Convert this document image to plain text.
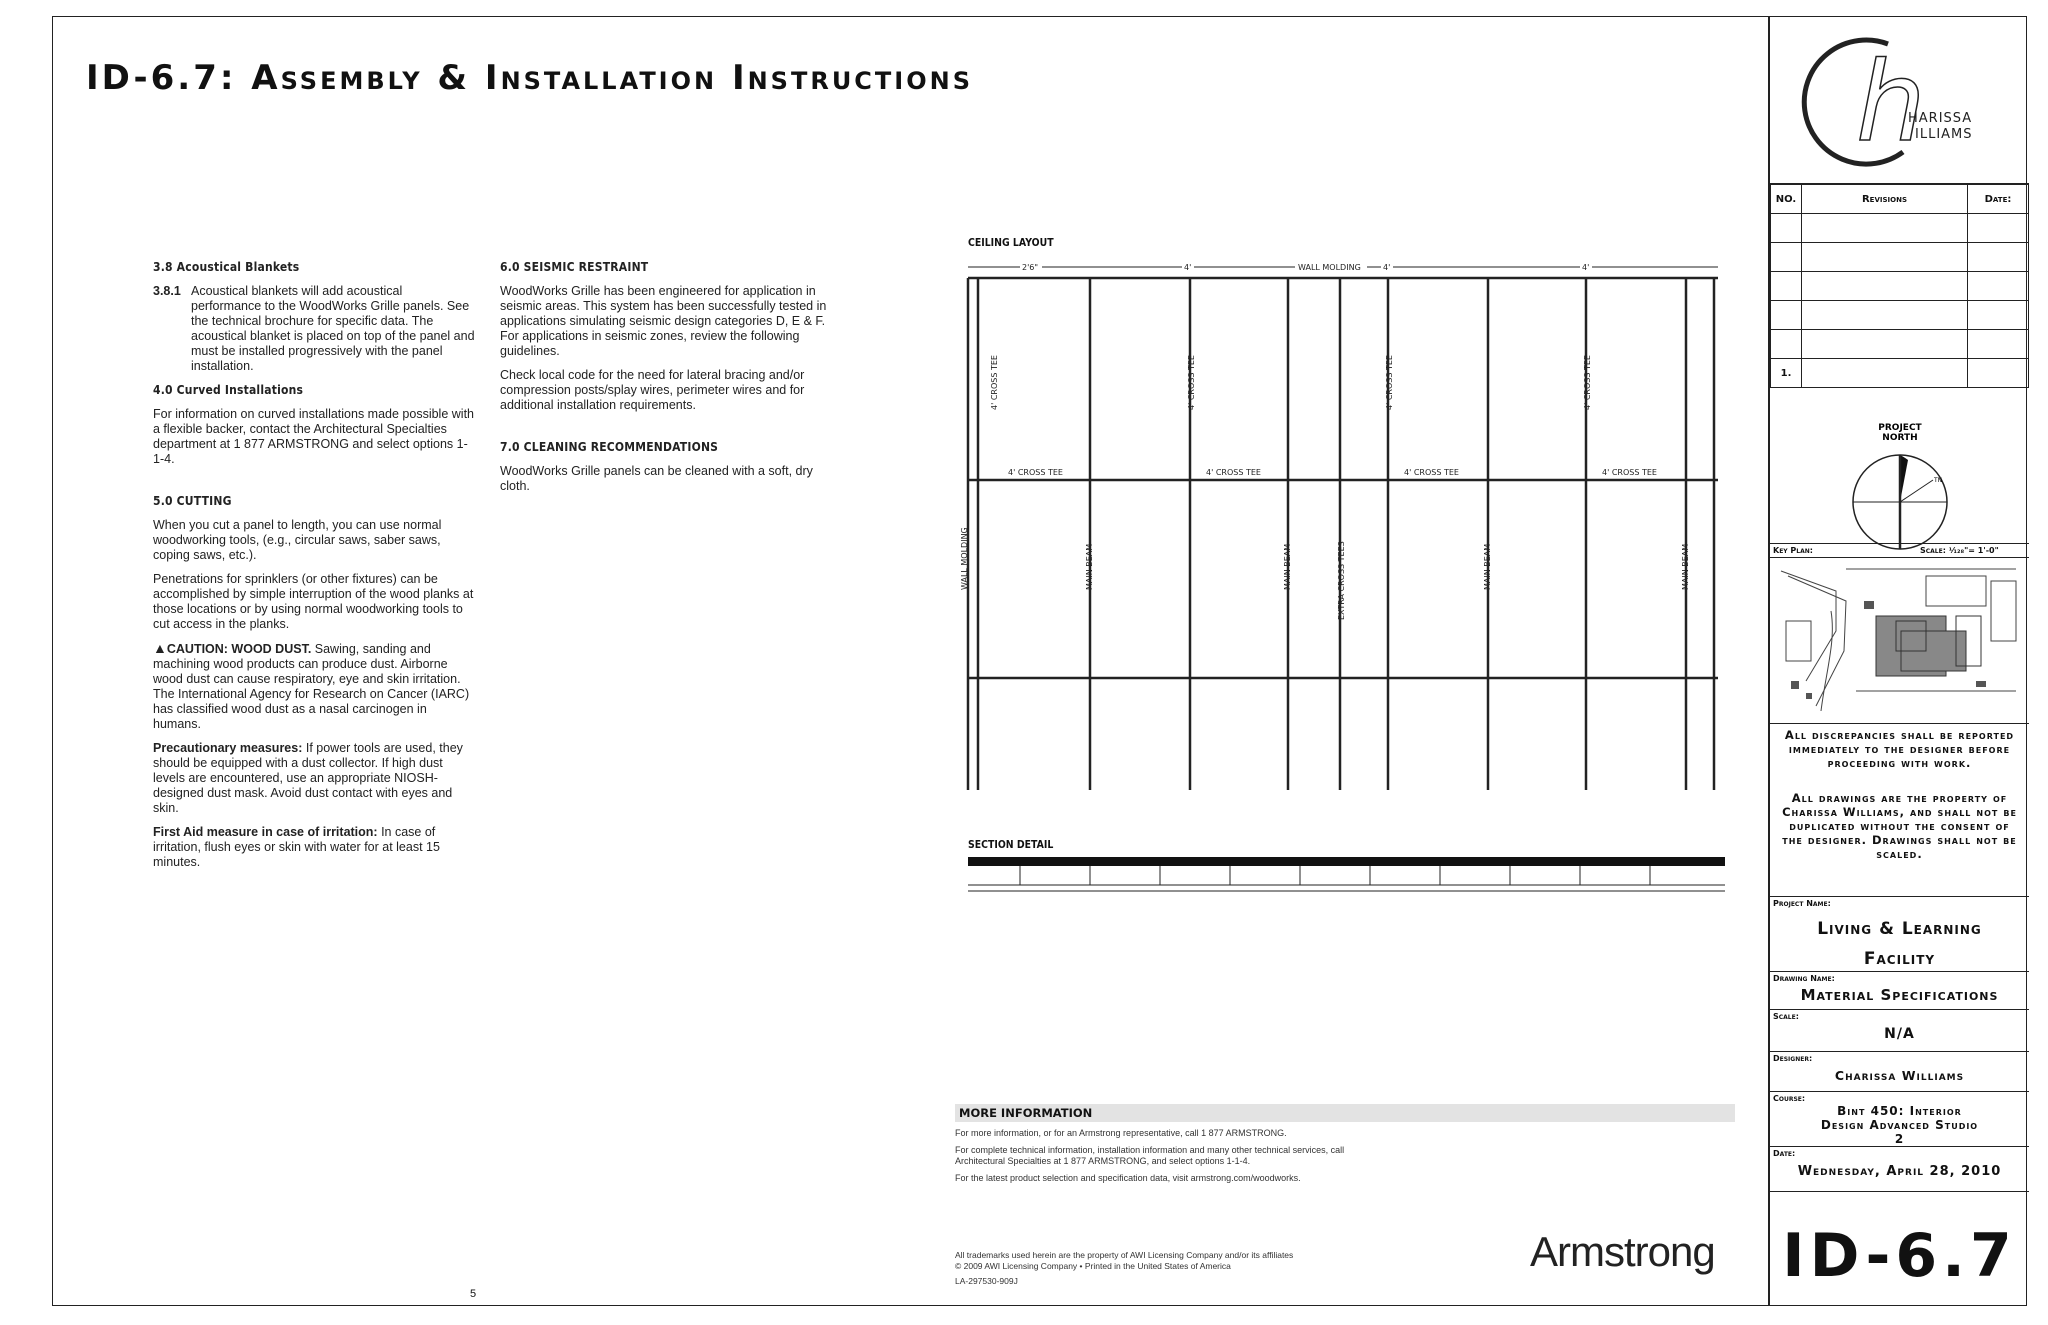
ID-6.7: Assembly & Installation Instructions
3.8 Acoustical Blankets
3.8.1 Acoustical blankets will add acoustical performance to the WoodWorks Grille panels. See the technical brochure for specific data. The acoustical blanket is placed on top of the panel and must be installed progressively with the panel installation.
4.0 Curved Installations

For information on curved installations made possible with a flexible backer, contact the Architectural Specialties department at 1 877 ARMSTRONG and select options 1-1-4.

5.0 CUTTING

When you cut a panel to length, you can use normal woodworking tools, (e.g., circular saws, saber saws, coping saws, etc.).

Penetrations for sprinklers (or other fixtures) can be accomplished by simple interruption of the wood planks at those locations or by using normal woodworking tools to cut access in the planks.

▲CAUTION: WOOD DUST. Sawing, sanding and machining wood products can produce dust. Airborne wood dust can cause respiratory, eye and skin irritation. The International Agency for Research on Cancer (IARC) has classified wood dust as a nasal carcinogen in humans.

Precautionary measures: If power tools are used, they should be equipped with a dust collector. If high dust levels are encountered, use an appropriate NIOSH-designed dust mask. Avoid dust contact with eyes and skin.

First Aid measure in case of irritation: In case of irritation, flush eyes or skin with water for at least 15 minutes.

6.0 SEISMIC RESTRAINT

WoodWorks Grille has been engineered for application in seismic areas. This system has been successfully tested in applications simulating seismic design categories D, E & F. For applications in seismic zones, review the following guidelines.

Check local code for the need for lateral bracing and/or compression posts/splay wires, perimeter wires and for additional installation requirements.

7.0 CLEANING RECOMMENDATIONS

WoodWorks Grille panels can be cleaned with a soft, dry cloth.

CEILING LAYOUT
2'6"	4'	WALL MOLDING	4'	4'
4' CROSS TEE	4' CROSS TEE	4' CROSS TEE	4' CROSS TEE
4' CROSS TEE	4' CROSS TEE	4' CROSS TEE	4' CROSS TEE
WALL MOLDING	MAIN BEAM	MAIN BEAM	EXTRA CROSS TEES	MAIN BEAM	MAIN BEAM
SECTION DETAIL
MORE INFORMATION

For more information, or for an Armstrong representative, call 1 877 ARMSTRONG.

For complete technical information, installation information and many other technical services, call Architectural Specialties at 1 877 ARMSTRONG, and select options 1-1-4.

For the latest product selection and specification data, visit armstrong.com/woodworks.

All trademarks used herein are the property of AWI Licensing Company and/or its affiliates
© 2009 AWI Licensing Company • Printed in the United States of America
LA-297530-909J
Armstrong
5
h
HARISSA
ILLIAMS
NO.	Revisions	Date:

1.		
PROJECT
NORTH
TN
Key Plan:	Scale: ¹⁄₁₂₈"= 1'-0"
All discrepancies shall be reported immediately to the designer before proceeding with work.
All drawings are the property of Charissa Williams, and shall not be duplicated without the consent of the designer. Drawings shall not be scaled.
Project Name:
Living & Learning Facility
Drawing Name:
Material Specifications
Scale:
N/A
Designer:
Charissa Williams
Course:
Bint 450: Interior Design Advanced Studio 2
Date:
Wednesday, April 28, 2010
ID-6.7
